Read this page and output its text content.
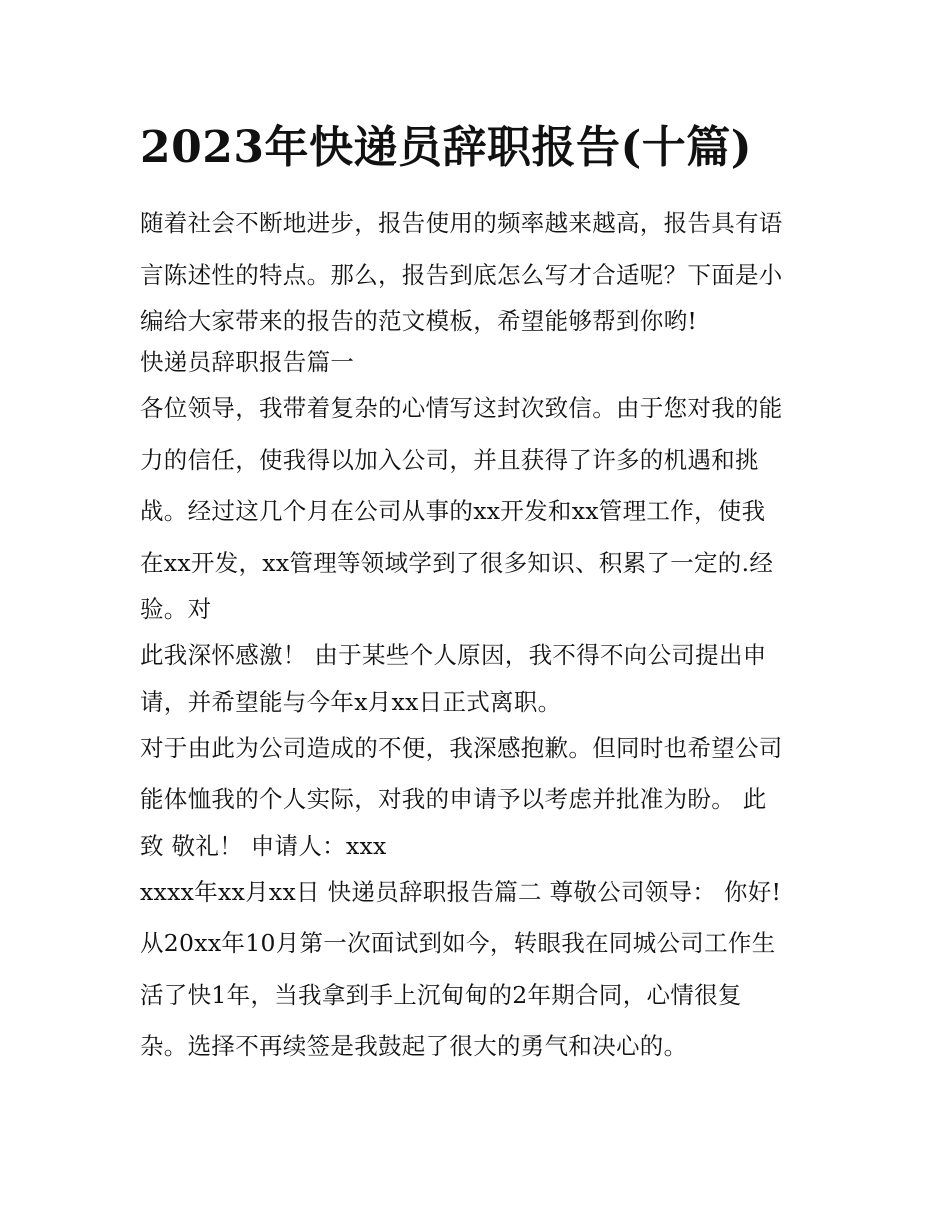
2023年快递员辞职报告(十篇)
随着社会不断地进步，报告使用的频率越来越高，报告具有语
言陈述性的特点。那么，报告到底怎么写才合适呢？下面是小
编给大家带来的报告的范文模板，希望能够帮到你哟!
快递员辞职报告篇一
各位领导，我带着复杂的心情写这封次致信。由于您对我的能
力的信任，使我得以加入公司，并且获得了许多的机遇和挑
战。经过这几个月在公司从事的xx开发和xx管理工作，使我
在xx开发，xx管理等领域学到了很多知识、积累了一定的.经
验。对
此我深怀感激！ 由于某些个人原因，我不得不向公司提出申
请，并希望能与今年x月xx日正式离职。
对于由此为公司造成的不便，我深感抱歉。但同时也希望公司
能体恤我的个人实际，对我的申请予以考虑并批准为盼。 此
致 敬礼！ 申请人：xxx
xxxx年xx月xx日 快递员辞职报告篇二 尊敬公司领导： 你好!
从20xx年10月第一次面试到如今，转眼我在同城公司工作生
活了快1年，当我拿到手上沉甸甸的2年期合同，心情很复
杂。选择不再续签是我鼓起了很大的勇气和决心的。
